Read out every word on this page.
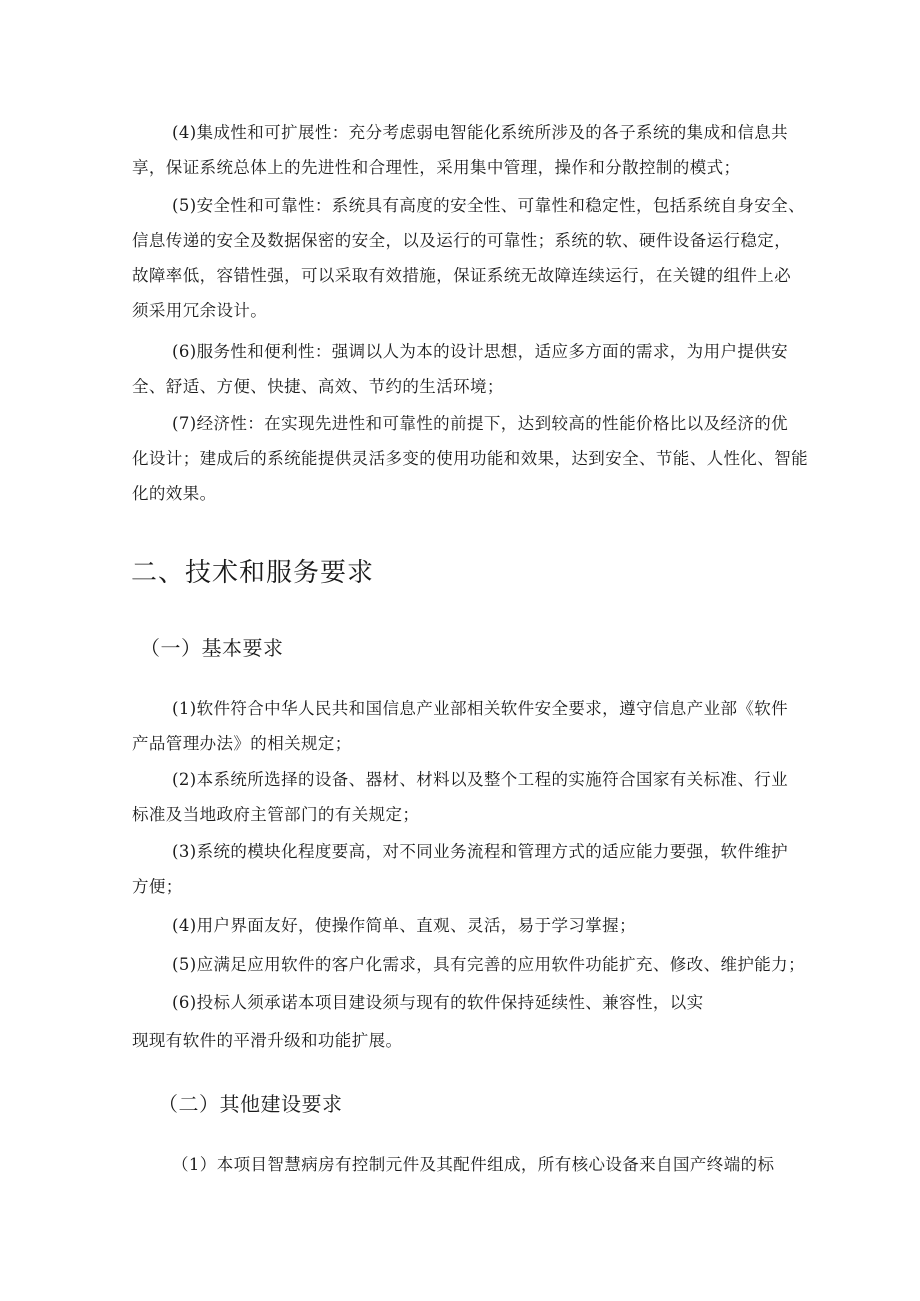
(4)集成性和可扩展性：充分考虑弱电智能化系统所涉及的各子系统的集成和信息共
享，保证系统总体上的先进性和合理性，采用集中管理，操作和分散控制的模式；
(5)安全性和可靠性：系统具有高度的安全性、可靠性和稳定性，包括系统自身安全、
信息传递的安全及数据保密的安全，以及运行的可靠性；系统的软、硬件设备运行稳定，
故障率低，容错性强，可以采取有效措施，保证系统无故障连续运行，在关键的组件上必
须采用冗余设计。
(6)服务性和便利性：强调以人为本的设计思想，适应多方面的需求，为用户提供安
全、舒适、方便、快捷、高效、节约的生活环境；
(7)经济性：在实现先进性和可靠性的前提下，达到较高的性能价格比以及经济的优
化设计；建成后的系统能提供灵活多变的使用功能和效果，达到安全、节能、人性化、智能
化的效果。
二、技术和服务要求
（一）基本要求
(1)软件符合中华人民共和国信息产业部相关软件安全要求，遵守信息产业部《软件
产品管理办法》的相关规定；
(2)本系统所选择的设备、器材、材料以及整个工程的实施符合国家有关标准、行业
标准及当地政府主管部门的有关规定；
(3)系统的模块化程度要高，对不同业务流程和管理方式的适应能力要强，软件维护
方便；
(4)用户界面友好，使操作简单、直观、灵活，易于学习掌握；
(5)应满足应用软件的客户化需求，具有完善的应用软件功能扩充、修改、维护能力；
(6)投标人须承诺本项目建设须与现有的软件保持延续性、兼容性，以实
现现有软件的平滑升级和功能扩展。
（二）其他建设要求
（1）本项目智慧病房有控制元件及其配件组成，所有核心设备来自国产终端的标
